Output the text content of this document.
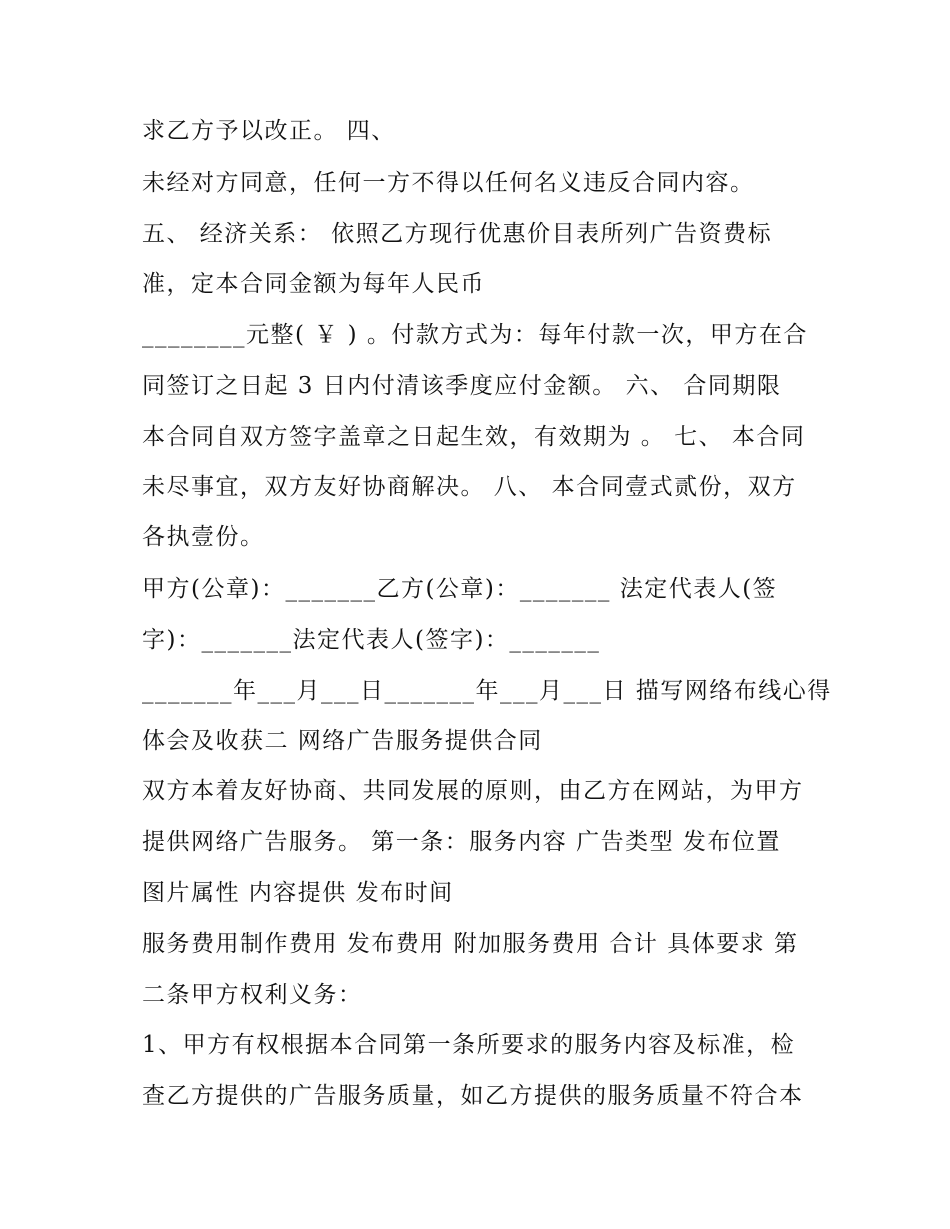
求乙方予以改正。 四、
未经对方同意，任何一方不得以任何名义违反合同内容。
五、 经济关系： 依照乙方现行优惠价目表所列广告资费标
准，定本合同金额为每年人民币
________元整( ￥ ) 。付款方式为：每年付款一次，甲方在合
同签订之日起 3 日内付清该季度应付金额。 六、 合同期限
本合同自双方签字盖章之日起生效，有效期为 。 七、 本合同
未尽事宜，双方友好协商解决。 八、 本合同壹式贰份，双方
各执壹份。
甲方(公章)：_______乙方(公章)：_______ 法定代表人(签
字)：_______法定代表人(签字)：_______
_______年___月___日_______年___月___日 描写网络布线心得
体会及收获二 网络广告服务提供合同
双方本着友好协商、共同发展的原则，由乙方在网站，为甲方
提供网络广告服务。 第一条：服务内容 广告类型 发布位置
图片属性 内容提供 发布时间
服务费用制作费用 发布费用 附加服务费用 合计 具体要求 第
二条甲方权利义务：
1、甲方有权根据本合同第一条所要求的服务内容及标准，检
查乙方提供的广告服务质量，如乙方提供的服务质量不符合本
